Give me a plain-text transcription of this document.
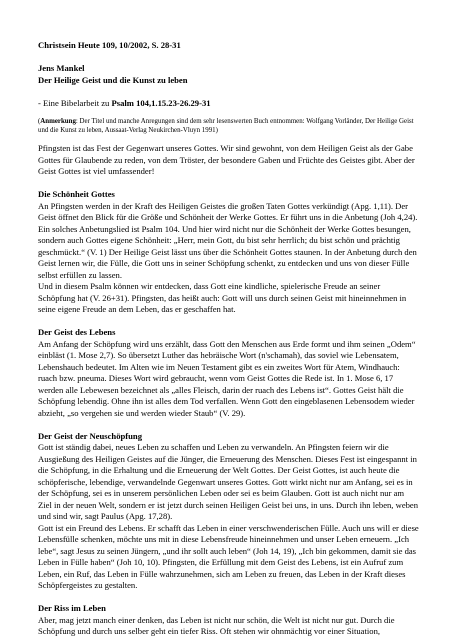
Christsein Heute 109, 10/2002, S. 28-31

Jens Mankel

Der Heilige Geist und die Kunst zu leben

- Eine Bibelarbeit zu Psalm 104,1.15.23-26.29-31

(Anmerkung: Der Titel und manche Anregungen sind dem sehr lesenswerten Buch entnommen: Wolfgang Vorländer, Der Heilige Geist und die Kunst zu leben, Aussaat-Verlag Neukirchen-Vluyn 1991)

Pfingsten ist das Fest der Gegenwart unseres Gottes. Wir sind gewohnt, von dem Heiligen Geist als der Gabe Gottes für Glaubende zu reden, von dem Tröster, der besondere Gaben und Früchte des Geistes gibt. Aber der Geist Gottes ist viel umfassender!

Die Schönheit Gottes

An Pfingsten werden in der Kraft des Heiligen Geistes die großen Taten Gottes verkündigt (Apg. 1,11). Der Geist öffnet den Blick für die Größe und Schönheit der Werke Gottes. Er führt uns in die Anbetung (Joh 4,24). Ein solches Anbetungslied ist Psalm 104. Und hier wird nicht nur die Schönheit der Werke Gottes besungen, sondern auch Gottes eigene Schönheit: „Herr, mein Gott, du bist sehr herrlich; du bist schön und prächtig geschmückt.“ (V. 1) Der Heilige Geist lässt uns über die Schönheit Gottes staunen. In der Anbetung durch den Geist lernen wir, die Fülle, die Gott uns in seiner Schöpfung schenkt, zu entdecken und uns von dieser Fülle selbst erfüllen zu lassen.

Und in diesem Psalm können wir entdecken, dass Gott eine kindliche, spielerische Freude an seiner Schöpfung hat (V. 26+31). Pfingsten, das heißt auch: Gott will uns durch seinen Geist mit hineinnehmen in seine eigene Freude an dem Leben, das er geschaffen hat.

Der Geist des Lebens

Am Anfang der Schöpfung wird uns erzählt, dass Gott den Menschen aus Erde formt und ihm seinen „Odem“ einbläst (1. Mose 2,7). So übersetzt Luther das hebräische Wort (n'schamah), das soviel wie Lebensatem, Lebenshauch bedeutet. Im Alten wie im Neuen Testament gibt es ein zweites Wort für Atem, Windhauch: ruach bzw. pneuma. Dieses Wort wird gebraucht, wenn vom Geist Gottes die Rede ist. In 1. Mose 6, 17 werden alle Lebewesen bezeichnet als „alles Fleisch, darin der ruach des Lebens ist“. Gottes Geist hält die Schöpfung lebendig. Ohne ihn ist alles dem Tod verfallen. Wenn Gott den eingeblasenen Lebensodem wieder abzieht, „so vergehen sie und werden wieder Staub“ (V. 29).

Der Geist der Neuschöpfung

Gott ist ständig dabei, neues Leben zu schaffen und Leben zu verwandeln. An Pfingsten feiern wir die Ausgießung des Heiligen Geistes auf die Jünger, die Erneuerung des Menschen. Dieses Fest ist eingespannt in die Schöpfung, in die Erhaltung und die Erneuerung der Welt Gottes. Der Geist Gottes, ist auch heute die schöpferische, lebendige, verwandelnde Gegenwart unseres Gottes. Gott wirkt nicht nur am Anfang, sei es in der Schöpfung, sei es in unserem persönlichen Leben oder sei es beim Glauben. Gott ist auch nicht nur am Ziel in der neuen Welt, sondern er ist jetzt durch seinen Heiligen Geist bei uns, in uns. Durch ihn leben, weben und sind wir, sagt Paulus (Apg. 17,28).

Gott ist ein Freund des Lebens. Er schafft das Leben in einer verschwenderischen Fülle. Auch uns will er diese Lebensfülle schenken, möchte uns mit in diese Lebensfreude hineinnehmen und unser Leben erneuern. „Ich lebe“, sagt Jesus zu seinen Jüngern, „und ihr sollt auch leben“ (Joh 14, 19), „Ich bin gekommen, damit sie das Leben in Fülle haben“ (Joh 10, 10). Pfingsten, die Erfüllung mit dem Geist des Lebens, ist ein Aufruf zum Leben, ein Ruf, das Leben in Fülle wahrzunehmen, sich am Leben zu freuen, das Leben in der Kraft dieses Schöpfergeistes zu gestalten.

Der Riss im Leben

Aber, mag jetzt manch einer denken, das Leben ist nicht nur schön, die Welt ist nicht nur gut. Durch die Schöpfung und durch uns selber geht ein tiefer Riss. Oft stehen wir ohnmächtig vor einer Situation,
